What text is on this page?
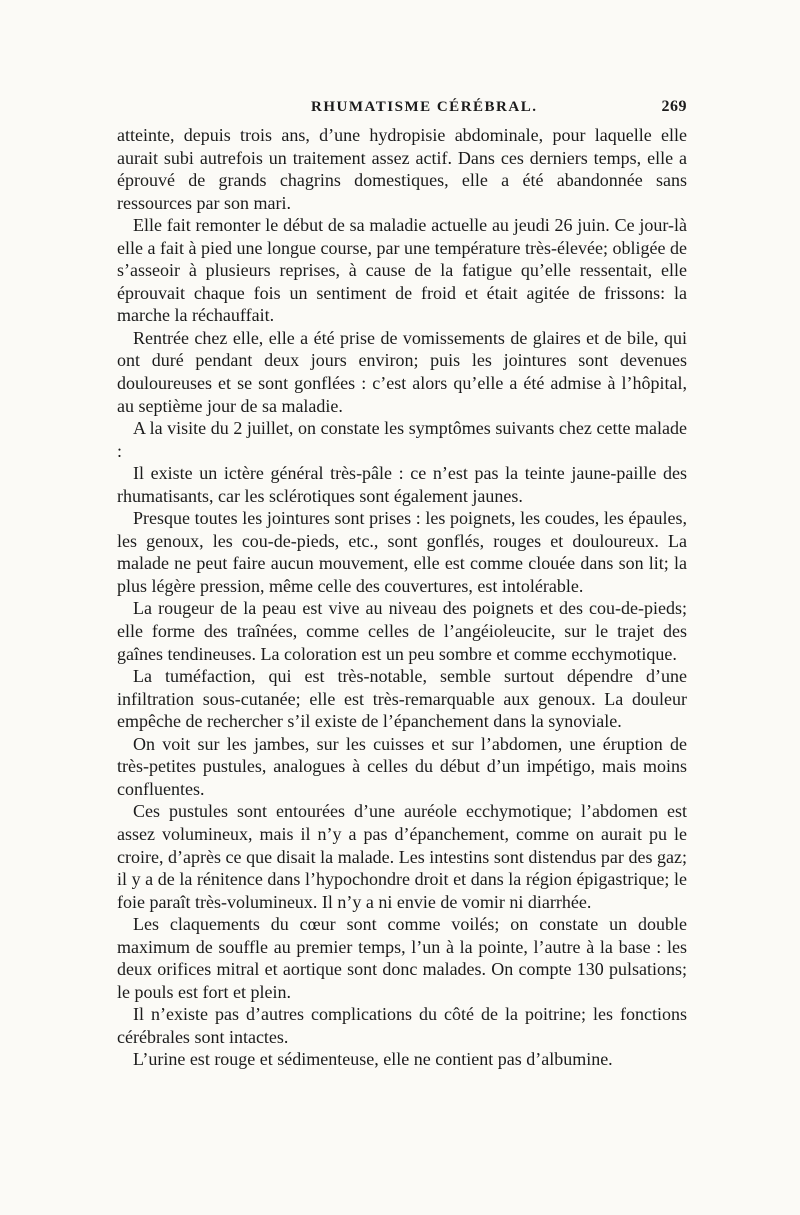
RHUMATISME CÉRÉBRAL.	269

atteinte, depuis trois ans, d’une hydropisie abdominale, pour laquelle elle aurait subi autrefois un traitement assez actif. Dans ces derniers temps, elle a éprouvé de grands chagrins domestiques, elle a été abandonnée sans ressources par son mari.

Elle fait remonter le début de sa maladie actuelle au jeudi 26 juin. Ce jour-là elle a fait à pied une longue course, par une température très-élevée; obligée de s’asseoir à plusieurs reprises, à cause de la fatigue qu’elle ressentait, elle éprouvait chaque fois un sentiment de froid et était agitée de frissons: la marche la réchauffait.

Rentrée chez elle, elle a été prise de vomissements de glaires et de bile, qui ont duré pendant deux jours environ; puis les jointures sont devenues douloureuses et se sont gonflées : c’est alors qu’elle a été admise à l’hôpital, au septième jour de sa maladie.

A la visite du 2 juillet, on constate les symptômes suivants chez cette malade :

Il existe un ictère général très-pâle : ce n’est pas la teinte jaune-paille des rhumatisants, car les sclérotiques sont également jaunes.

Presque toutes les jointures sont prises : les poignets, les coudes, les épaules, les genoux, les cou-de-pieds, etc., sont gonflés, rouges et douloureux. La malade ne peut faire aucun mouvement, elle est comme clouée dans son lit; la plus légère pression, même celle des couvertures, est intolérable.

La rougeur de la peau est vive au niveau des poignets et des cou-de-pieds; elle forme des traînées, comme celles de l’angéioleucite, sur le trajet des gaînes tendineuses. La coloration est un peu sombre et comme ecchymotique.

La tuméfaction, qui est très-notable, semble surtout dépendre d’une infiltration sous-cutanée; elle est très-remarquable aux genoux. La douleur empêche de rechercher s’il existe de l’épanchement dans la synoviale.

On voit sur les jambes, sur les cuisses et sur l’abdomen, une éruption de très-petites pustules, analogues à celles du début d’un impétigo, mais moins confluentes.

Ces pustules sont entourées d’une auréole ecchymotique; l’abdomen est assez volumineux, mais il n’y a pas d’épanchement, comme on aurait pu le croire, d’après ce que disait la malade. Les intestins sont distendus par des gaz; il y a de la rénitence dans l’hypochondre droit et dans la région épigastrique; le foie paraît très-volumineux. Il n’y a ni envie de vomir ni diarrhée.

Les claquements du cœur sont comme voilés; on constate un double maximum de souffle au premier temps, l’un à la pointe, l’autre à la base : les deux orifices mitral et aortique sont donc malades. On compte 130 pulsations; le pouls est fort et plein.

Il n’existe pas d’autres complications du côté de la poitrine; les fonctions cérébrales sont intactes.

L’urine est rouge et sédimenteuse, elle ne contient pas d’albumine.
